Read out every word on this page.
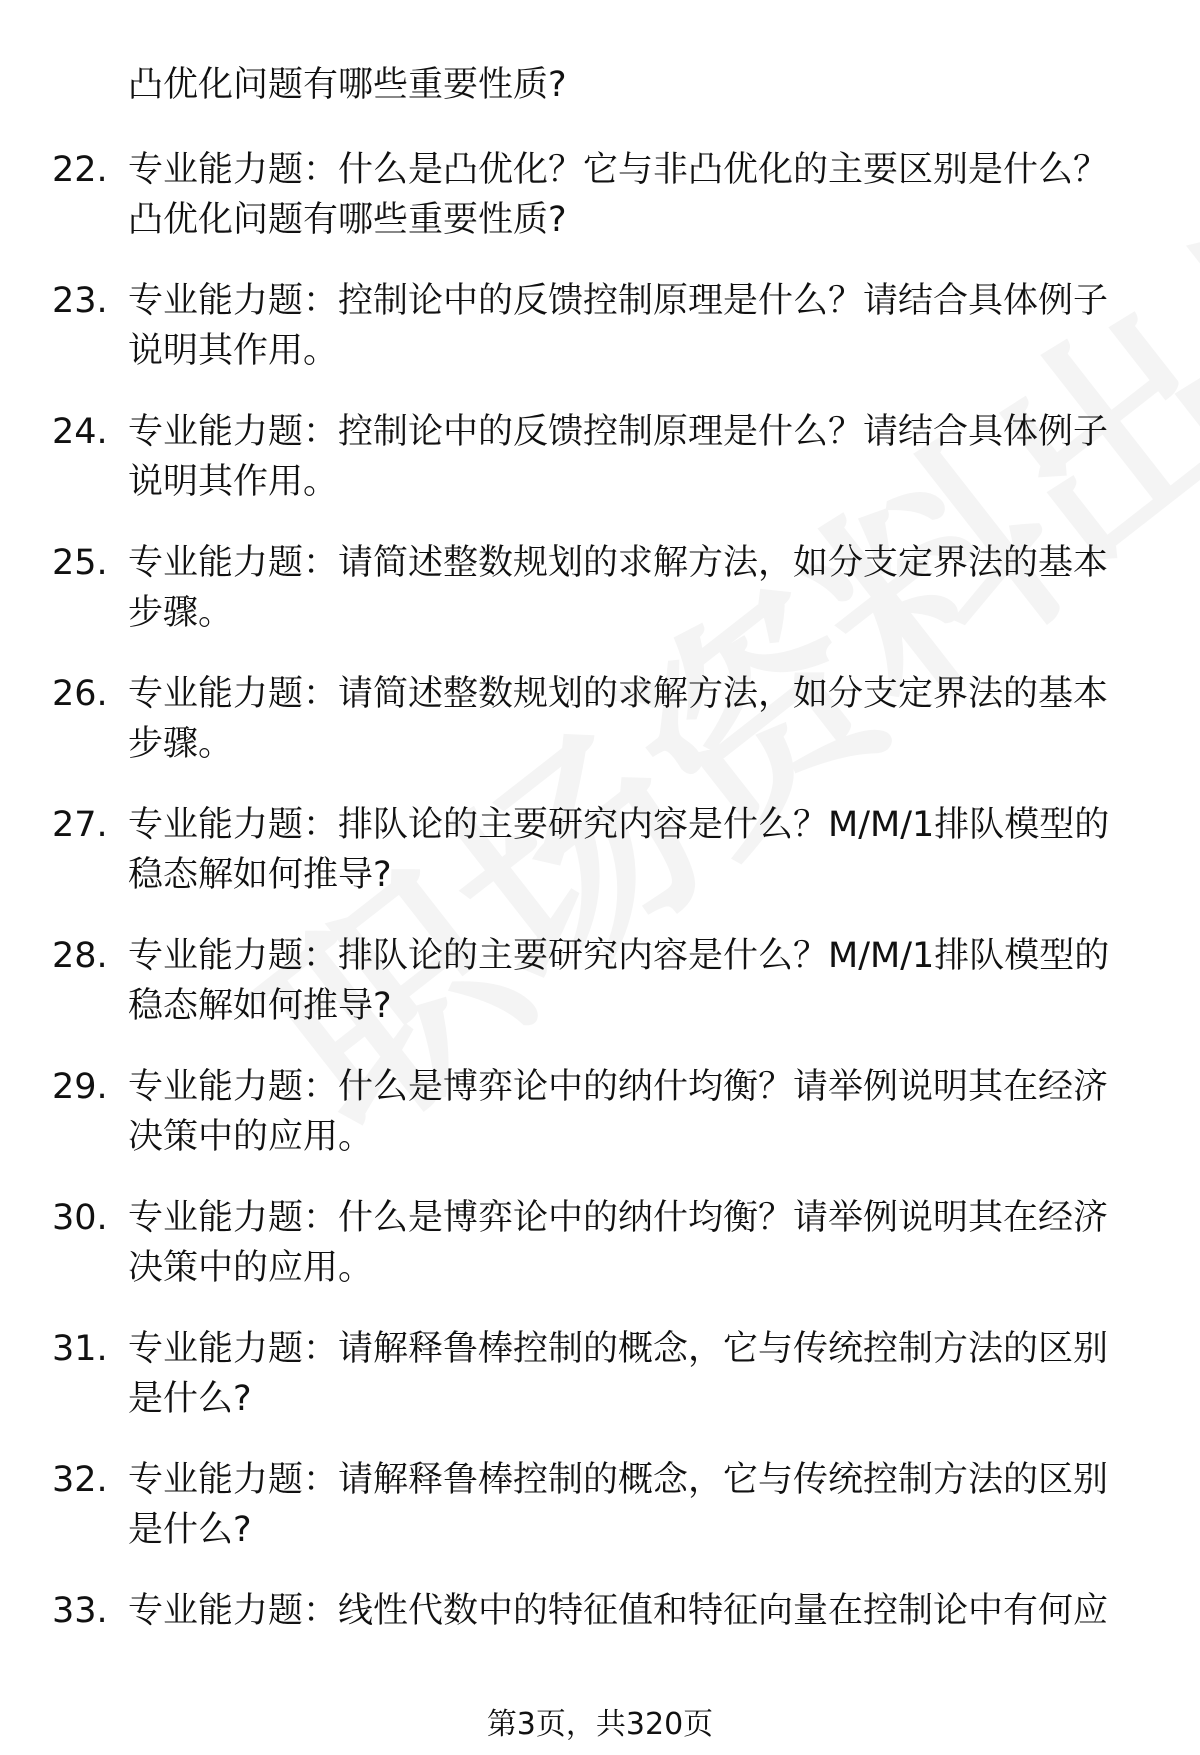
凸优化问题有哪些重要性质?
22. 专业能力题：什么是凸优化？它与非凸优化的主要区别是什么？
凸优化问题有哪些重要性质?
23. 专业能力题：控制论中的反馈控制原理是什么？请结合具体例子
说明其作用。
24. 专业能力题：控制论中的反馈控制原理是什么？请结合具体例子
说明其作用。
25. 专业能力题：请简述整数规划的求解方法，如分支定界法的基本
步骤。
26. 专业能力题：请简述整数规划的求解方法，如分支定界法的基本
步骤。
27. 专业能力题：排队论的主要研究内容是什么？M/M/1排队模型的
稳态解如何推导?
28. 专业能力题：排队论的主要研究内容是什么？M/M/1排队模型的
稳态解如何推导?
29. 专业能力题：什么是博弈论中的纳什均衡？请举例说明其在经济
决策中的应用。
30. 专业能力题：什么是博弈论中的纳什均衡？请举例说明其在经济
决策中的应用。
31. 专业能力题：请解释鲁棒控制的概念，它与传统控制方法的区别
是什么?
32. 专业能力题：请解释鲁棒控制的概念，它与传统控制方法的区别
是什么?
33. 专业能力题：线性代数中的特征值和特征向量在控制论中有何应
第3页，共320页
